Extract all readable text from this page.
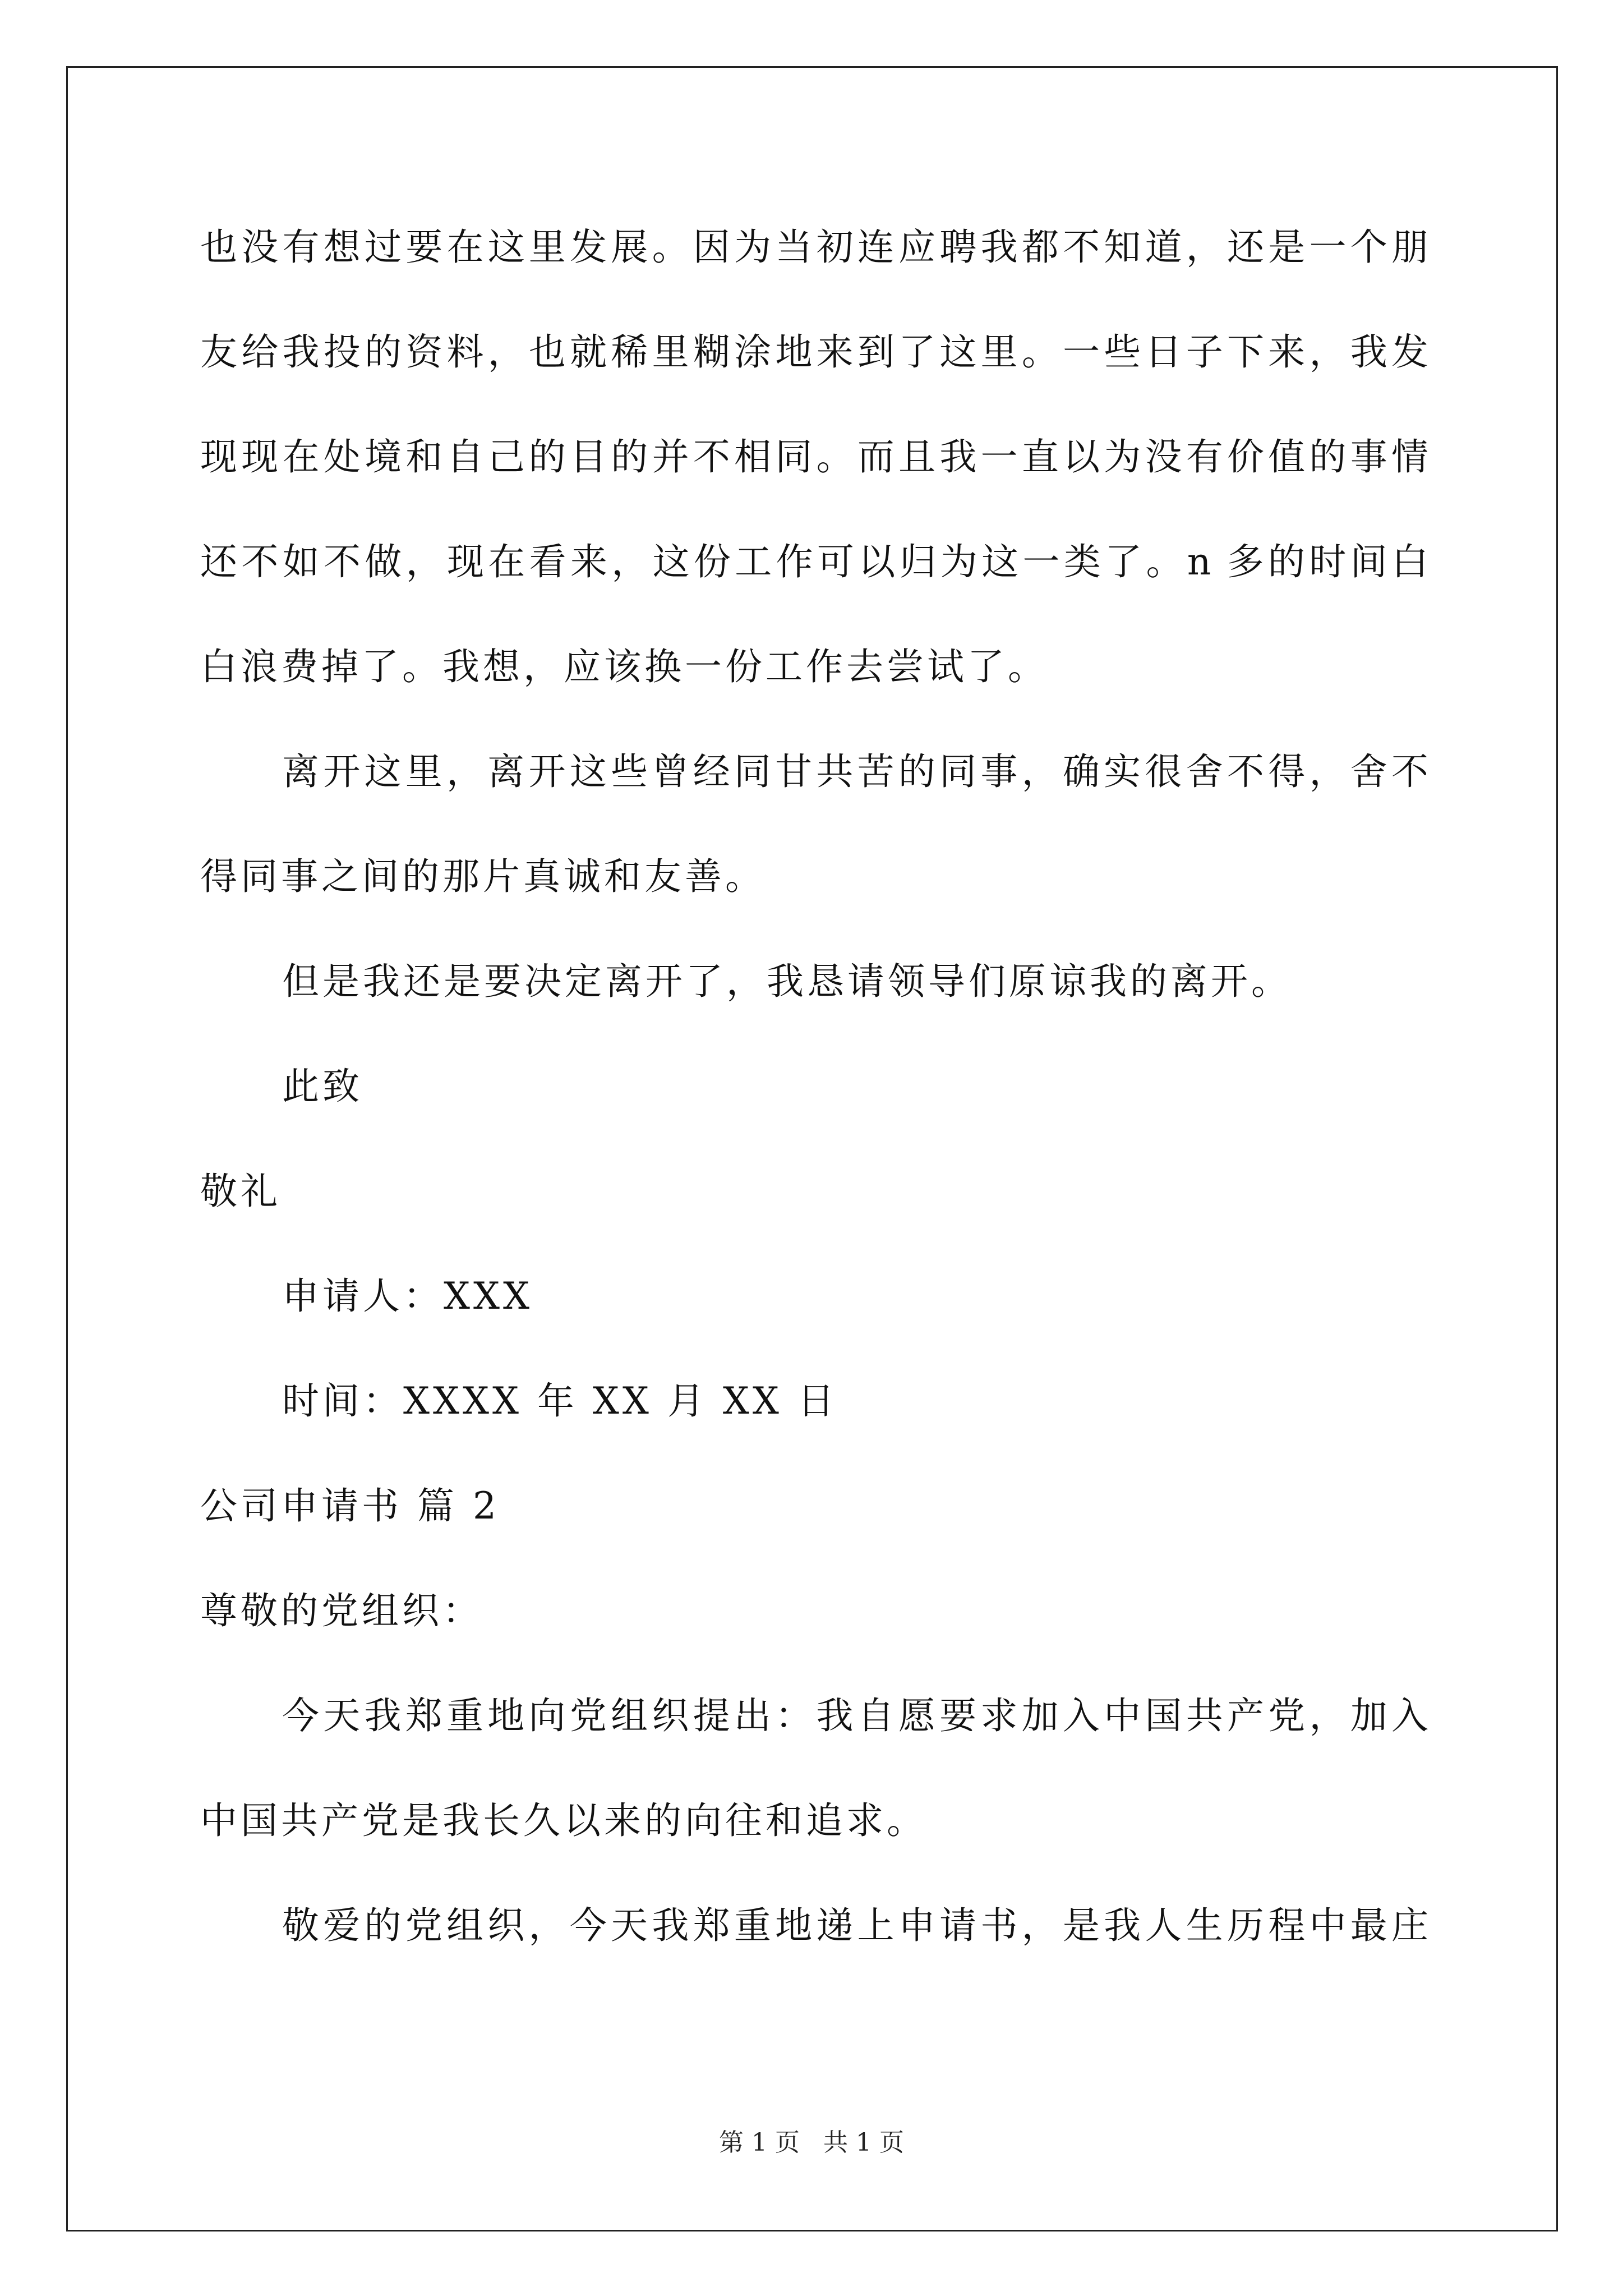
也没有想过要在这里发展。因为当初连应聘我都不知道，还是一个朋
友给我投的资料，也就稀里糊涂地来到了这里。一些日子下来，我发
现现在处境和自己的目的并不相同。而且我一直以为没有价值的事情
还不如不做，现在看来，这份工作可以归为这一类了。n 多的时间白
白浪费掉了。我想，应该换一份工作去尝试了。
离开这里，离开这些曾经同甘共苦的同事，确实很舍不得，舍不
得同事之间的那片真诚和友善。
但是我还是要决定离开了，我恳请领导们原谅我的离开。
此致
敬礼
申请人：XXX
时间：XXXX 年 XX 月 XX 日
公司申请书 篇 2
尊敬的党组织：
今天我郑重地向党组织提出：我自愿要求加入中国共产党，加入
中国共产党是我长久以来的向往和追求。
敬爱的党组织，今天我郑重地递上申请书，是我人生历程中最庄
第 1 页   共 1 页
